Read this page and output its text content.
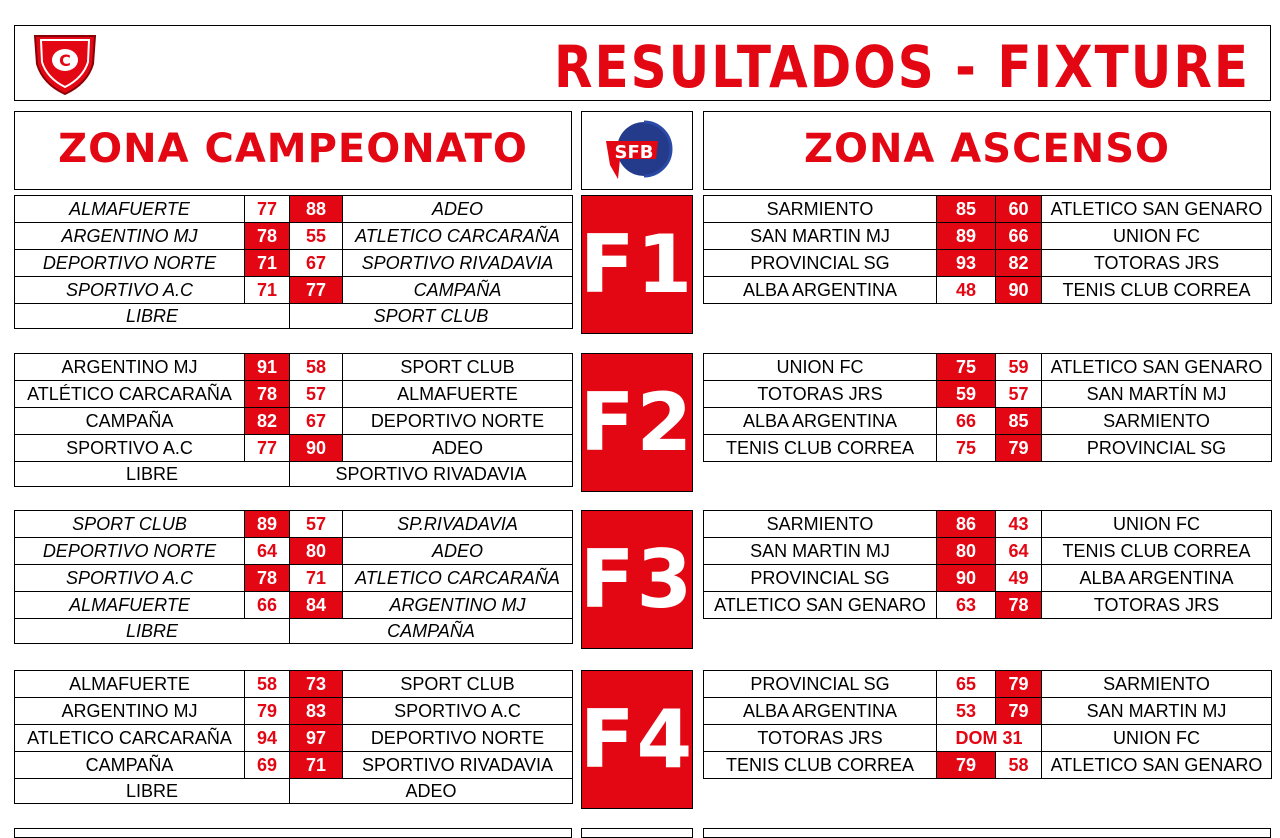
C	RESULTADOS - FIXTURE
ZONA CAMPEONATO	SFB	ZONA ASCENSO
ALMAFUERTE	77	88	ADEO
ARGENTINO MJ	78	55	ATLETICO CARCARAÑA
DEPORTIVO NORTE	71	67	SPORTIVO RIVADAVIA
SPORTIVO A.C	71	77	CAMPAÑA
LIBRE	SPORT CLUB
F1
SARMIENTO	85	60	ATLETICO SAN GENARO
SAN MARTIN MJ	89	66	UNION FC
PROVINCIAL SG	93	82	TOTORAS JRS
ALBA ARGENTINA	48	90	TENIS CLUB CORREA
ARGENTINO MJ	91	58	SPORT CLUB
ATLÉTICO CARCARAÑA	78	57	ALMAFUERTE
CAMPAÑA	82	67	DEPORTIVO NORTE
SPORTIVO A.C	77	90	ADEO
LIBRE	SPORTIVO RIVADAVIA
F2
UNION FC	75	59	ATLETICO SAN GENARO
TOTORAS JRS	59	57	SAN MARTÍN MJ
ALBA ARGENTINA	66	85	SARMIENTO
TENIS CLUB CORREA	75	79	PROVINCIAL SG
SPORT CLUB	89	57	SP.RIVADAVIA
DEPORTIVO NORTE	64	80	ADEO
SPORTIVO A.C	78	71	ATLETICO CARCARAÑA
ALMAFUERTE	66	84	ARGENTINO MJ
LIBRE	CAMPAÑA
F3
SARMIENTO	86	43	UNION FC
SAN MARTIN MJ	80	64	TENIS CLUB CORREA
PROVINCIAL SG	90	49	ALBA ARGENTINA
ATLETICO SAN GENARO	63	78	TOTORAS JRS
ALMAFUERTE	58	73	SPORT CLUB
ARGENTINO MJ	79	83	SPORTIVO A.C
ATLETICO CARCARAÑA	94	97	DEPORTIVO NORTE
CAMPAÑA	69	71	SPORTIVO RIVADAVIA
LIBRE	ADEO
F4
PROVINCIAL SG	65	79	SARMIENTO
ALBA ARGENTINA	53	79	SAN MARTIN MJ
TOTORAS JRS	DOM 31		UNION FC
TENIS CLUB CORREA	79	58	ATLETICO SAN GENARO
